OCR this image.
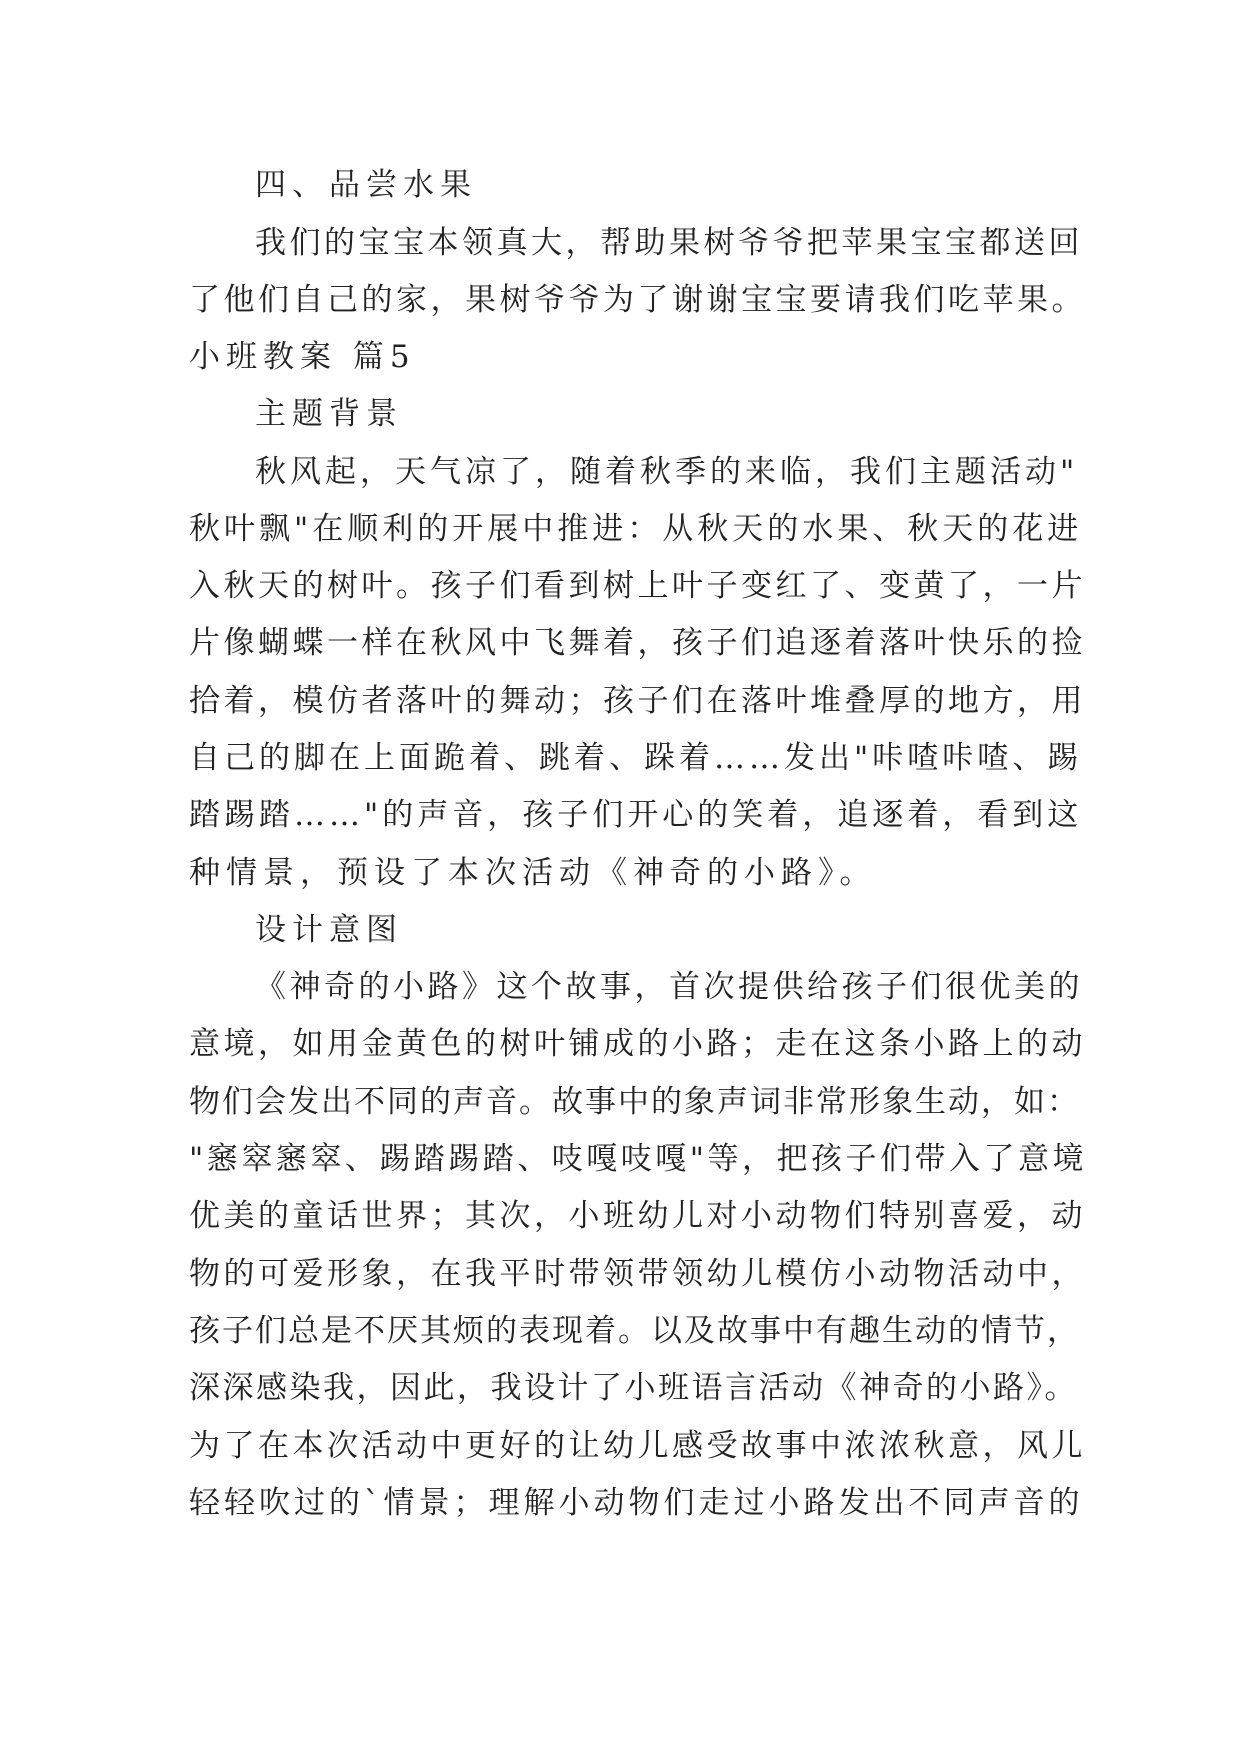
四、品尝水果
我们的宝宝本领真大，帮助果树爷爷把苹果宝宝都送回
了他们自己的家，果树爷爷为了谢谢宝宝要请我们吃苹果。
小班教案 篇5
主题背景
秋风起，天气凉了，随着秋季的来临，我们主题活动"
秋叶飘"在顺利的开展中推进：从秋天的水果、秋天的花进
入秋天的树叶。孩子们看到树上叶子变红了、变黄了，一片
片像蝴蝶一样在秋风中飞舞着，孩子们追逐着落叶快乐的捡
拾着，模仿者落叶的舞动；孩子们在落叶堆叠厚的地方，用
自己的脚在上面跪着、跳着、跺着……发出"咔喳咔喳、踢
踏踢踏……"的声音，孩子们开心的笑着，追逐着，看到这
种情景，预设了本次活动《神奇的小路》。
设计意图
《神奇的小路》这个故事，首次提供给孩子们很优美的
意境，如用金黄色的树叶铺成的小路；走在这条小路上的动
物们会发出不同的声音。故事中的象声词非常形象生动，如：
"窸窣窸窣、踢踏踢踏、吱嘎吱嘎"等，把孩子们带入了意境
优美的童话世界；其次，小班幼儿对小动物们特别喜爱，动
物的可爱形象，在我平时带领带领幼儿模仿小动物活动中，
孩子们总是不厌其烦的表现着。以及故事中有趣生动的情节，
深深感染我，因此，我设计了小班语言活动《神奇的小路》。
为了在本次活动中更好的让幼儿感受故事中浓浓秋意，风儿
轻轻吹过的`情景；理解小动物们走过小路发出不同声音的
